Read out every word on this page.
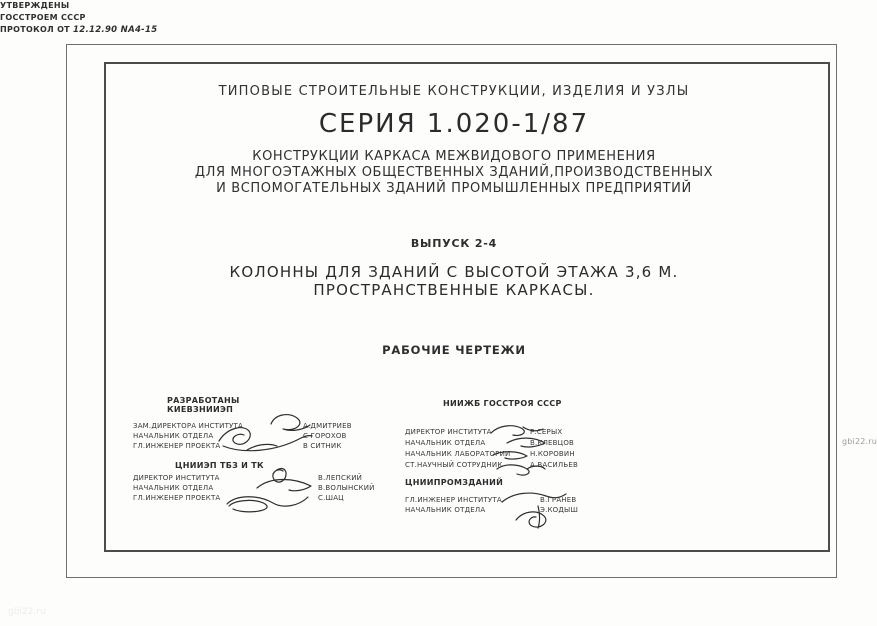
ТИПОВЫЕ СТРОИТЕЛЬНЫЕ КОНСТРУКЦИИ, ИЗДЕЛИЯ И УЗЛЫ
СЕРИЯ 1.020-1/87
КОНСТРУКЦИИ КАРКАСА МЕЖВИДОВОГО ПРИМЕНЕНИЯ
ДЛЯ МНОГОЭТАЖНЫХ ОБЩЕСТВЕННЫХ ЗДАНИЙ,ПРОИЗВОДСТВЕННЫХ
И ВСПОМОГАТЕЛЬНЫХ ЗДАНИЙ ПРОМЫШЛЕННЫХ ПРЕДПРИЯТИЙ
ВЫПУСК 2-4
КОЛОННЫ ДЛЯ ЗДАНИЙ С ВЫСОТОЙ ЭТАЖА 3,6 М.
ПРОСТРАНСТВЕННЫЕ КАРКАСЫ.
РАБОЧИЕ ЧЕРТЕЖИ
РАЗРАБОТАНЫ
КИЕВЗНИИЭП
ЗАМ.ДИРЕКТОРА ИНСТИТУТА	А.ДМИТРИЕВ
НАЧАЛЬНИК ОТДЕЛА	С ГОРОХОВ
ГЛ.ИНЖЕНЕР ПРОЕКТА	В СИТНИК
ЦНИИЭП ТБЗ И ТК
ДИРЕКТОР ИНСТИТУТА	В.ЛЕПСКИЙ
НАЧАЛЬНИК ОТДЕЛА	В.ВОЛЫНСКИЙ
ГЛ.ИНЖЕНЕР ПРОЕКТА	С.ШАЦ
НИИЖБ ГОССТРОЯ СССР
ДИРЕКТОР ИНСТИТУТА	Р.СЕРЫХ
НАЧАЛЬНИК ОТДЕЛА	В.КЛЕВЦОВ
НАЧАЛЬНИК ЛАБОРАТОРИИ	Н.КОРОВИН
СТ.НАУЧНЫЙ СОТРУДНИК	А.ВАСИЛЬЕВ
ЦНИИПРОМЗДАНИЙ
ГЛ.ИНЖЕНЕР ИНСТИТУТА	В.ГРАНЕВ
НАЧАЛЬНИК ОТДЕЛА	Э.КОДЫШ
УТВЕРЖДЕНЫ
ГОССТРОЕМ СССР
ПРОТОКОЛ ОТ 12.12.90 NА4-15
gbi22.ru
gbi22.ru
